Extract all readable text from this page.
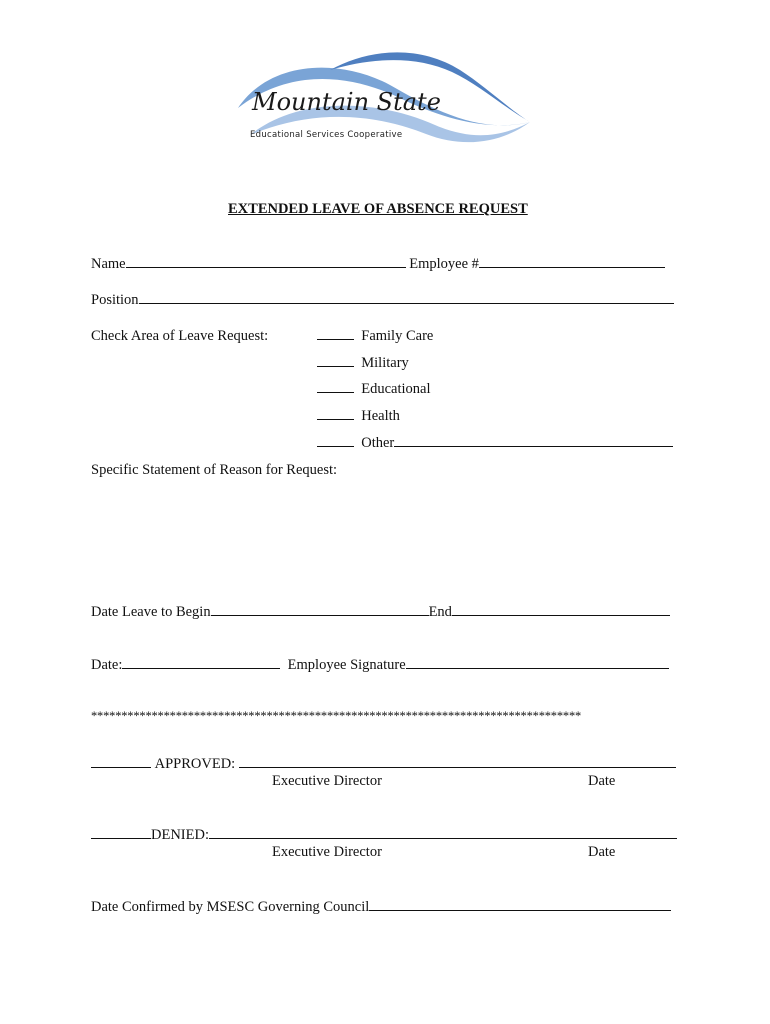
Mountain State
Educational Services Cooperative
EXTENDED LEAVE OF ABSENCE REQUEST
Name	Employee #
Position
Check Area of Leave Request:	Family Care
Military
Educational
Health
Other
Specific Statement of Reason for Request:
Date Leave to Begin	End
Date:	Employee Signature
*********************************************************************************
APPROVED:
Executive Director	Date
DENIED:
Executive Director	Date
Date Confirmed by MSESC Governing Council
